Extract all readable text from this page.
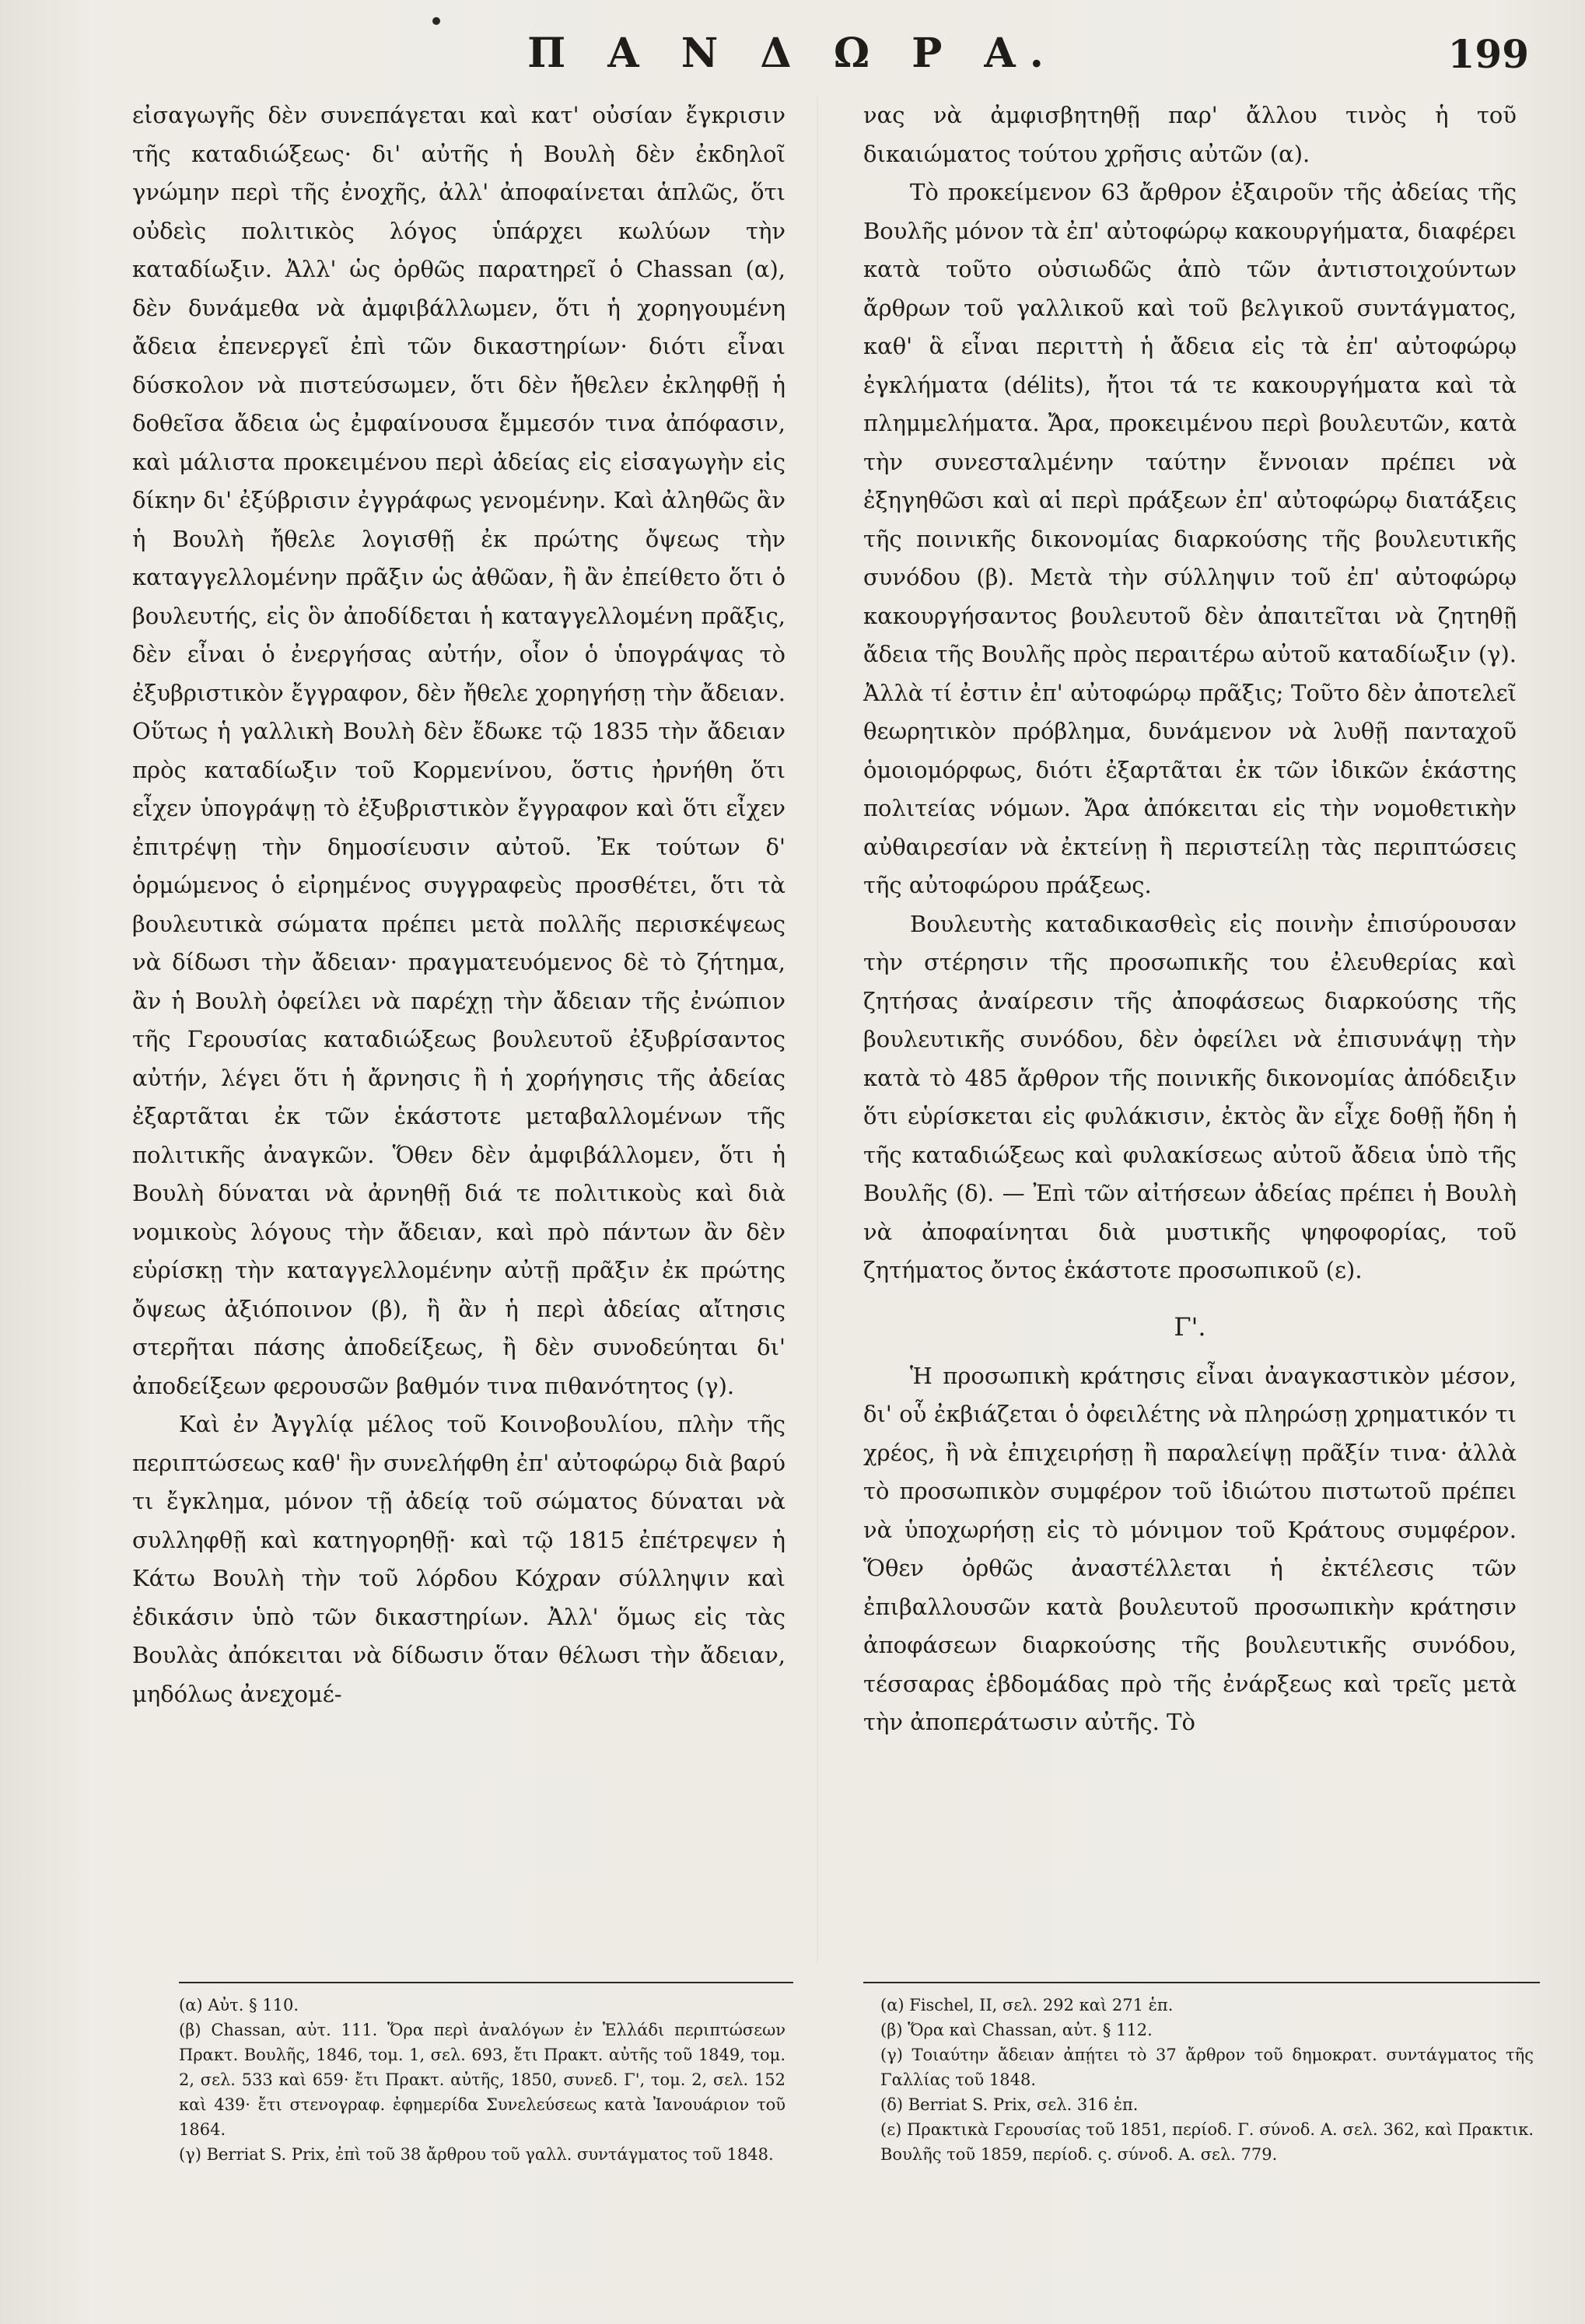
Π Α Ν Δ Ω Ρ Α.	199

εἰσαγωγῆς δὲν συνεπάγεται καὶ κατ' οὐσίαν ἔγκρισιν τῆς καταδιώξεως· δι' αὐτῆς ἡ Βουλὴ δὲν ἐκδηλοῖ γνώμην περὶ τῆς ἐνοχῆς, ἀλλ' ἀποφαίνεται ἁπλῶς, ὅτι οὐδεὶς πολιτικὸς λόγος ὑπάρχει κωλύων τὴν καταδίωξιν. Ἀλλ' ὡς ὀρθῶς παρατηρεῖ ὁ Chassan (α), δὲν δυνάμεθα νὰ ἀμφιβάλλωμεν, ὅτι ἡ χορηγουμένη ἄδεια ἐπενεργεῖ ἐπὶ τῶν δικαστηρίων· διότι εἶναι δύσκολον νὰ πιστεύσωμεν, ὅτι δὲν ἤθελεν ἐκληφθῇ ἡ δοθεῖσα ἄδεια ὡς ἐμφαίνουσα ἔμμεσόν τινα ἀπόφασιν, καὶ μάλιστα προκειμένου περὶ ἀδείας εἰς εἰσαγωγὴν εἰς δίκην δι' ἐξύβρισιν ἐγγράφως γενομένην. Καὶ ἀληθῶς ἂν ἡ Βουλὴ ἤθελε λογισθῇ ἐκ πρώτης ὄψεως τὴν καταγγελλομένην πρᾶξιν ὡς ἀθῶαν, ἢ ἂν ἐπείθετο ὅτι ὁ βουλευτής, εἰς ὃν ἀποδίδεται ἡ καταγγελλομένη πρᾶξις, δὲν εἶναι ὁ ἐνεργήσας αὐτήν, οἷον ὁ ὑπογράψας τὸ ἐξυβριστικὸν ἔγγραφον, δὲν ἤθελε χορηγήσῃ τὴν ἄδειαν. Οὕτως ἡ γαλλικὴ Βουλὴ δὲν ἔδωκε τῷ 1835 τὴν ἄδειαν πρὸς καταδίωξιν τοῦ Κορμενίνου, ὅστις ἠρνήθη ὅτι εἶχεν ὑπογράψῃ τὸ ἐξυβριστικὸν ἔγγραφον καὶ ὅτι εἶχεν ἐπιτρέψῃ τὴν δημοσίευσιν αὐτοῦ. Ἐκ τούτων δ' ὁρμώμενος ὁ εἰρημένος συγγραφεὺς προσθέτει, ὅτι τὰ βουλευτικὰ σώματα πρέπει μετὰ πολλῆς περισκέψεως νὰ δίδωσι τὴν ἄδειαν· πραγματευόμενος δὲ τὸ ζήτημα, ἂν ἡ Βουλὴ ὀφείλει νὰ παρέχῃ τὴν ἄδειαν τῆς ἐνώπιον τῆς Γερουσίας καταδιώξεως βουλευτοῦ ἐξυβρίσαντος αὐτήν, λέγει ὅτι ἡ ἄρνησις ἢ ἡ χορήγησις τῆς ἀδείας ἐξαρτᾶται ἐκ τῶν ἑκάστοτε μεταβαλλομένων τῆς πολιτικῆς ἀναγκῶν. Ὅθεν δὲν ἀμφιβάλλομεν, ὅτι ἡ Βουλὴ δύναται νὰ ἀρνηθῇ διά τε πολιτικοὺς καὶ διὰ νομικοὺς λόγους τὴν ἄδειαν, καὶ πρὸ πάντων ἂν δὲν εὑρίσκῃ τὴν καταγγελλομένην αὐτῇ πρᾶξιν ἐκ πρώτης ὄψεως ἀξιόποινον (β), ἢ ἂν ἡ περὶ ἀδείας αἴτησις στερῆται πάσης ἀποδείξεως, ἢ δὲν συνοδεύηται δι' ἀποδείξεων φερουσῶν βαθμόν τινα πιθανότητος (γ).

Καὶ ἐν Ἀγγλίᾳ μέλος τοῦ Κοινοβουλίου, πλὴν τῆς περιπτώσεως καθ' ἣν συνελήφθη ἐπ' αὐτοφώρῳ διὰ βαρύ τι ἔγκλημα, μόνον τῇ ἀδείᾳ τοῦ σώματος δύναται νὰ συλληφθῇ καὶ κατηγορηθῇ· καὶ τῷ 1815 ἐπέτρεψεν ἡ Κάτω Βουλὴ τὴν τοῦ λόρδου Κόχραν σύλληψιν καὶ ἐδικάσιν ὑπὸ τῶν δικαστηρίων. Ἀλλ' ὅμως εἰς τὰς Βουλὰς ἀπόκειται νὰ δίδωσιν ὅταν θέλωσι τὴν ἄδειαν, μηδόλως ἀνεχομέ-

νας νὰ ἀμφισβητηθῇ παρ' ἄλλου τινὸς ἡ τοῦ δικαιώματος τούτου χρῆσις αὐτῶν (α).

Τὸ προκείμενον 63 ἄρθρον ἐξαιροῦν τῆς ἀδείας τῆς Βουλῆς μόνον τὰ ἐπ' αὐτοφώρῳ κακουργήματα, διαφέρει κατὰ τοῦτο οὐσιωδῶς ἀπὸ τῶν ἀντιστοιχούντων ἄρθρων τοῦ γαλλικοῦ καὶ τοῦ βελγικοῦ συντάγματος, καθ' ἃ εἶναι περιττὴ ἡ ἄδεια εἰς τὰ ἐπ' αὐτοφώρῳ ἐγκλήματα (délits), ἤτοι τά τε κακουργήματα καὶ τὰ πλημμελήματα. Ἄρα, προκειμένου περὶ βουλευτῶν, κατὰ τὴν συνεσταλμένην ταύτην ἔννοιαν πρέπει νὰ ἐξηγηθῶσι καὶ αἱ περὶ πράξεων ἐπ' αὐτοφώρῳ διατάξεις τῆς ποινικῆς δικονομίας διαρκούσης τῆς βουλευτικῆς συνόδου (β). Μετὰ τὴν σύλληψιν τοῦ ἐπ' αὐτοφώρῳ κακουργήσαντος βουλευτοῦ δὲν ἀπαιτεῖται νὰ ζητηθῇ ἄδεια τῆς Βουλῆς πρὸς περαιτέρω αὐτοῦ καταδίωξιν (γ). Ἀλλὰ τί ἐστιν ἐπ' αὐτοφώρῳ πρᾶξις; Τοῦτο δὲν ἀποτελεῖ θεωρητικὸν πρόβλημα, δυνάμενον νὰ λυθῇ πανταχοῦ ὁμοιομόρφως, διότι ἐξαρτᾶται ἐκ τῶν ἰδικῶν ἑκάστης πολιτείας νόμων. Ἄρα ἀπόκειται εἰς τὴν νομοθετικὴν αὐθαιρεσίαν νὰ ἐκτείνῃ ἢ περιστείλῃ τὰς περιπτώσεις τῆς αὐτοφώρου πράξεως.

Βουλευτὴς καταδικασθεὶς εἰς ποινὴν ἐπισύρουσαν τὴν στέρησιν τῆς προσωπικῆς του ἐλευθερίας καὶ ζητήσας ἀναίρεσιν τῆς ἀποφάσεως διαρκούσης τῆς βουλευτικῆς συνόδου, δὲν ὀφείλει νὰ ἐπισυνάψῃ τὴν κατὰ τὸ 485 ἄρθρον τῆς ποινικῆς δικονομίας ἀπόδειξιν ὅτι εὑρίσκεται εἰς φυλάκισιν, ἐκτὸς ἂν εἶχε δοθῇ ἤδη ἡ τῆς καταδιώξεως καὶ φυλακίσεως αὐτοῦ ἄδεια ὑπὸ τῆς Βουλῆς (δ). — Ἐπὶ τῶν αἰτήσεων ἀδείας πρέπει ἡ Βουλὴ νὰ ἀποφαίνηται διὰ μυστικῆς ψηφοφορίας, τοῦ ζητήματος ὄντος ἑκάστοτε προσωπικοῦ (ε).

Γ'.

Ἡ προσωπικὴ κράτησις εἶναι ἀναγκαστικὸν μέσον, δι' οὗ ἐκβιάζεται ὁ ὀφειλέτης νὰ πληρώσῃ χρηματικόν τι χρέος, ἢ νὰ ἐπιχειρήσῃ ἢ παραλείψῃ πρᾶξίν τινα· ἀλλὰ τὸ προσωπικὸν συμφέρον τοῦ ἰδιώτου πιστωτοῦ πρέπει νὰ ὑποχωρήσῃ εἰς τὸ μόνιμον τοῦ Κράτους συμφέρον. Ὅθεν ὀρθῶς ἀναστέλλεται ἡ ἐκτέλεσις τῶν ἐπιβαλλουσῶν κατὰ βουλευτοῦ προσωπικὴν κράτησιν ἀποφάσεων διαρκούσης τῆς βουλευτικῆς συνόδου, τέσσαρας ἑβδομάδας πρὸ τῆς ἐνάρξεως καὶ τρεῖς μετὰ τὴν ἀποπεράτωσιν αὐτῆς. Τὸ

(α) Αὐτ. § 110.

(β) Chassan, αὐτ. 111. Ὅρα περὶ ἀναλόγων ἐν Ἑλλάδι περιπτώσεων Πρακτ. Βουλῆς, 1846, τομ. 1, σελ. 693, ἔτι Πρακτ. αὐτῆς τοῦ 1849, τομ. 2, σελ. 533 καὶ 659· ἔτι Πρακτ. αὐτῆς, 1850, συνεδ. Γ', τομ. 2, σελ. 152 καὶ 439· ἔτι στενογραφ. ἐφημερίδα Συνελεύσεως κατὰ Ἰανουάριον τοῦ 1864.

(γ) Berriat S. Prix, ἐπὶ τοῦ 38 ἄρθρου τοῦ γαλλ. συντάγματος τοῦ 1848.

(α) Fischel, II, σελ. 292 καὶ 271 ἑπ.

(β) Ὅρα καὶ Chassan, αὐτ. § 112.

(γ) Τοιαύτην ἄδειαν ἀπῄτει τὸ 37 ἄρθρον τοῦ δημοκρατ. συντάγματος τῆς Γαλλίας τοῦ 1848.

(δ) Berriat S. Prix, σελ. 316 ἑπ.

(ε) Πρακτικὰ Γερουσίας τοῦ 1851, περίοδ. Γ. σύνοδ. Α. σελ. 362, καὶ Πρακτικ. Βουλῆς τοῦ 1859, περίοδ. ς. σύνοδ. Α. σελ. 779.
